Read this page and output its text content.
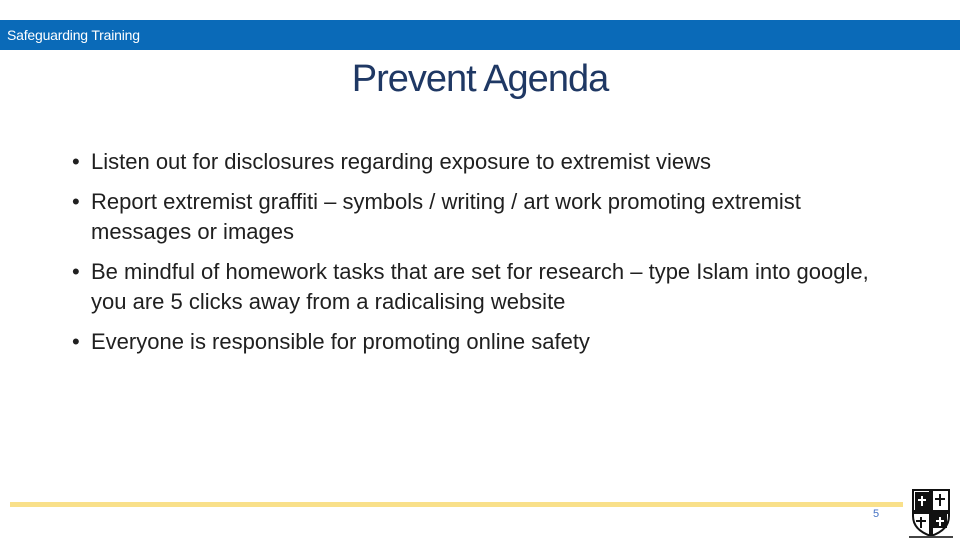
Safeguarding Training
Prevent Agenda
• Listen out for disclosures regarding exposure to extremist views
• Report extremist graffiti – symbols / writing / art work promoting extremist messages or images
• Be mindful of homework tasks that are set for research – type Islam into google, you are 5 clicks away from a radicalising website
• Everyone is responsible for promoting online safety
5
